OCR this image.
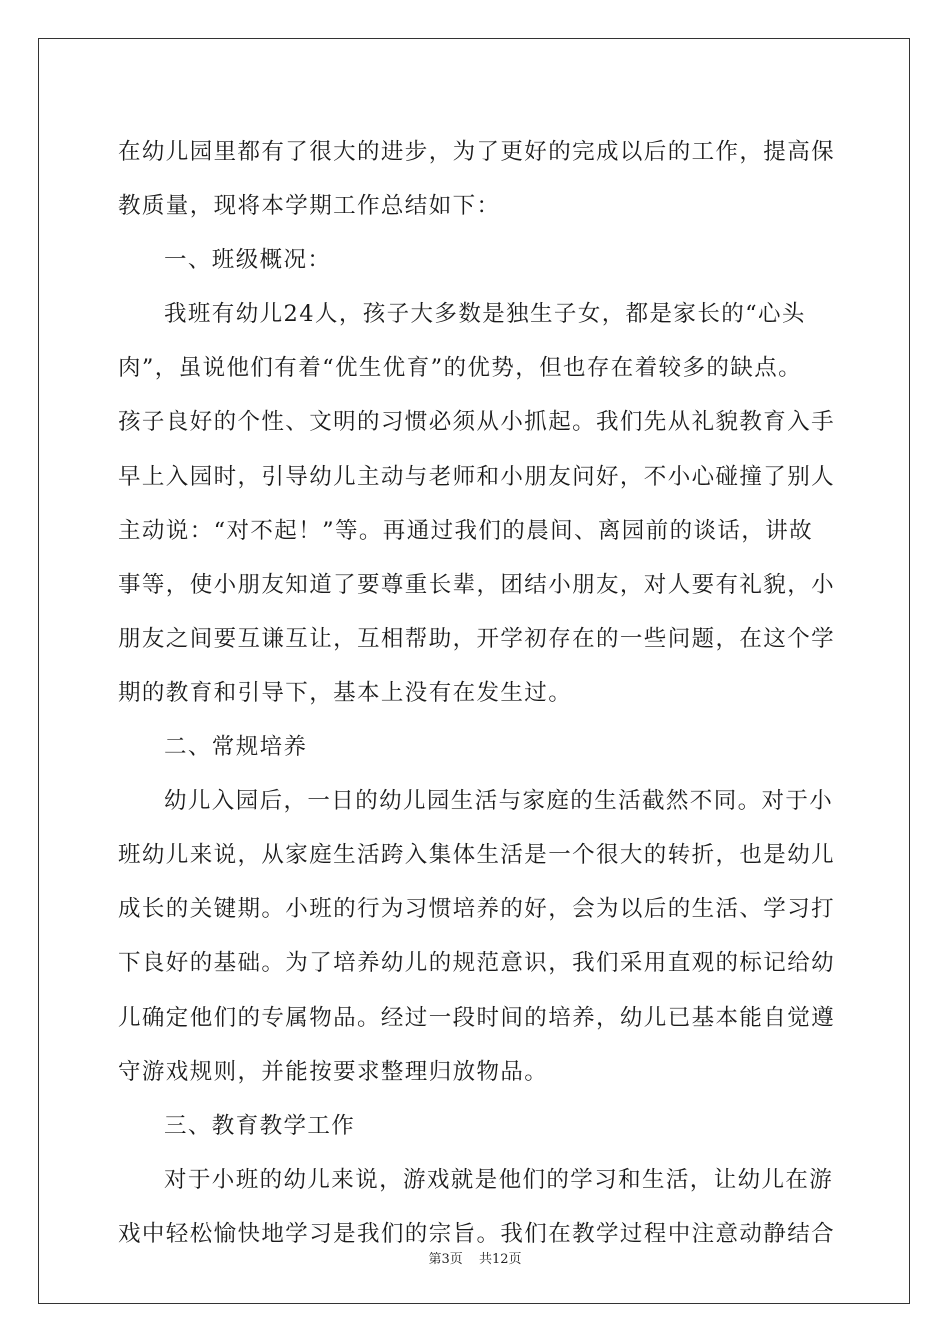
在幼儿园里都有了很大的进步，为了更好的完成以后的工作，提高保
教质量，现将本学期工作总结如下：
一、班级概况：
我班有幼儿24人，孩子大多数是独生子女，都是家长的“心头
肉”，虽说他们有着“优生优育”的优势，但也存在着较多的缺点。
孩子良好的个性、文明的习惯必须从小抓起。我们先从礼貌教育入手
早上入园时，引导幼儿主动与老师和小朋友问好，不小心碰撞了别人
主动说：“对不起！”等。再通过我们的晨间、离园前的谈话，讲故
事等，使小朋友知道了要尊重长辈，团结小朋友，对人要有礼貌，小
朋友之间要互谦互让，互相帮助，开学初存在的一些问题，在这个学
期的教育和引导下，基本上没有在发生过。
二、常规培养
幼儿入园后，一日的幼儿园生活与家庭的生活截然不同。对于小
班幼儿来说，从家庭生活跨入集体生活是一个很大的转折，也是幼儿
成长的关键期。小班的行为习惯培养的好，会为以后的生活、学习打
下良好的基础。为了培养幼儿的规范意识，我们采用直观的标记给幼
儿确定他们的专属物品。经过一段时间的培养，幼儿已基本能自觉遵
守游戏规则，并能按要求整理归放物品。
三、教育教学工作
对于小班的幼儿来说，游戏就是他们的学习和生活，让幼儿在游
戏中轻松愉快地学习是我们的宗旨。我们在教学过程中注意动静结合
第3页 共12页
